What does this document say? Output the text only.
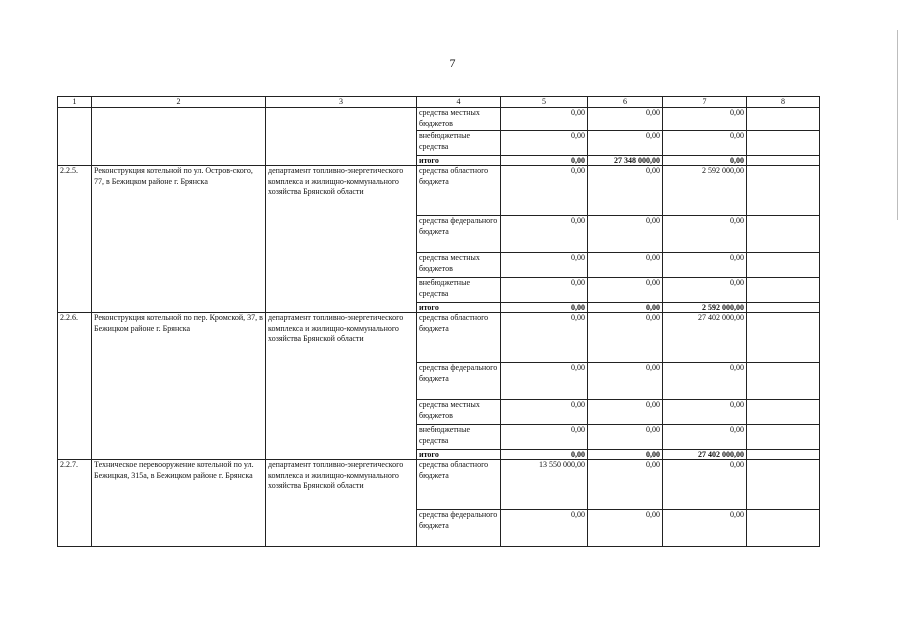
7
1	2	3	4	5	6	7	8
			средства местных бюджетов	0,00	0,00	0,00	
			внебюджетные средства	0,00	0,00	0,00	
			итого	0,00	27 348 000,00	0,00	
2.2.5.	Реконструкция котельной по ул. Остров-ского, 77, в Бежицком районе г. Брянска	департамент топливно-энергетического комплекса и жилищно-коммунального хозяйства Брянской области	средства областного бюджета	0,00	0,00	2 592 000,00	
			средства федерального бюджета	0,00	0,00	0,00	
			средства местных бюджетов	0,00	0,00	0,00	
			внебюджетные средства	0,00	0,00	0,00	
			итого	0,00	0,00	2 592 000,00	
2.2.6.	Реконструкция котельной по пер. Кромской, 37, в Бежицком районе г. Брянска	департамент топливно-энергетического комплекса и жилищно-коммунального хозяйства Брянской области	средства областного бюджета	0,00	0,00	27 402 000,00	
			средства федерального бюджета	0,00	0,00	0,00	
			средства местных бюджетов	0,00	0,00	0,00	
			внебюджетные средства	0,00	0,00	0,00	
			итого	0,00	0,00	27 402 000,00	
2.2.7.	Техническое перевооружение котельной по ул. Бежицкая, 315а, в Бежицком районе г. Брянска	департамент топливно-энергетического комплекса и жилищно-коммунального хозяйства Брянской области	средства областного бюджета	13 550 000,00	0,00	0,00	
			средства федерального бюджета	0,00	0,00	0,00	
